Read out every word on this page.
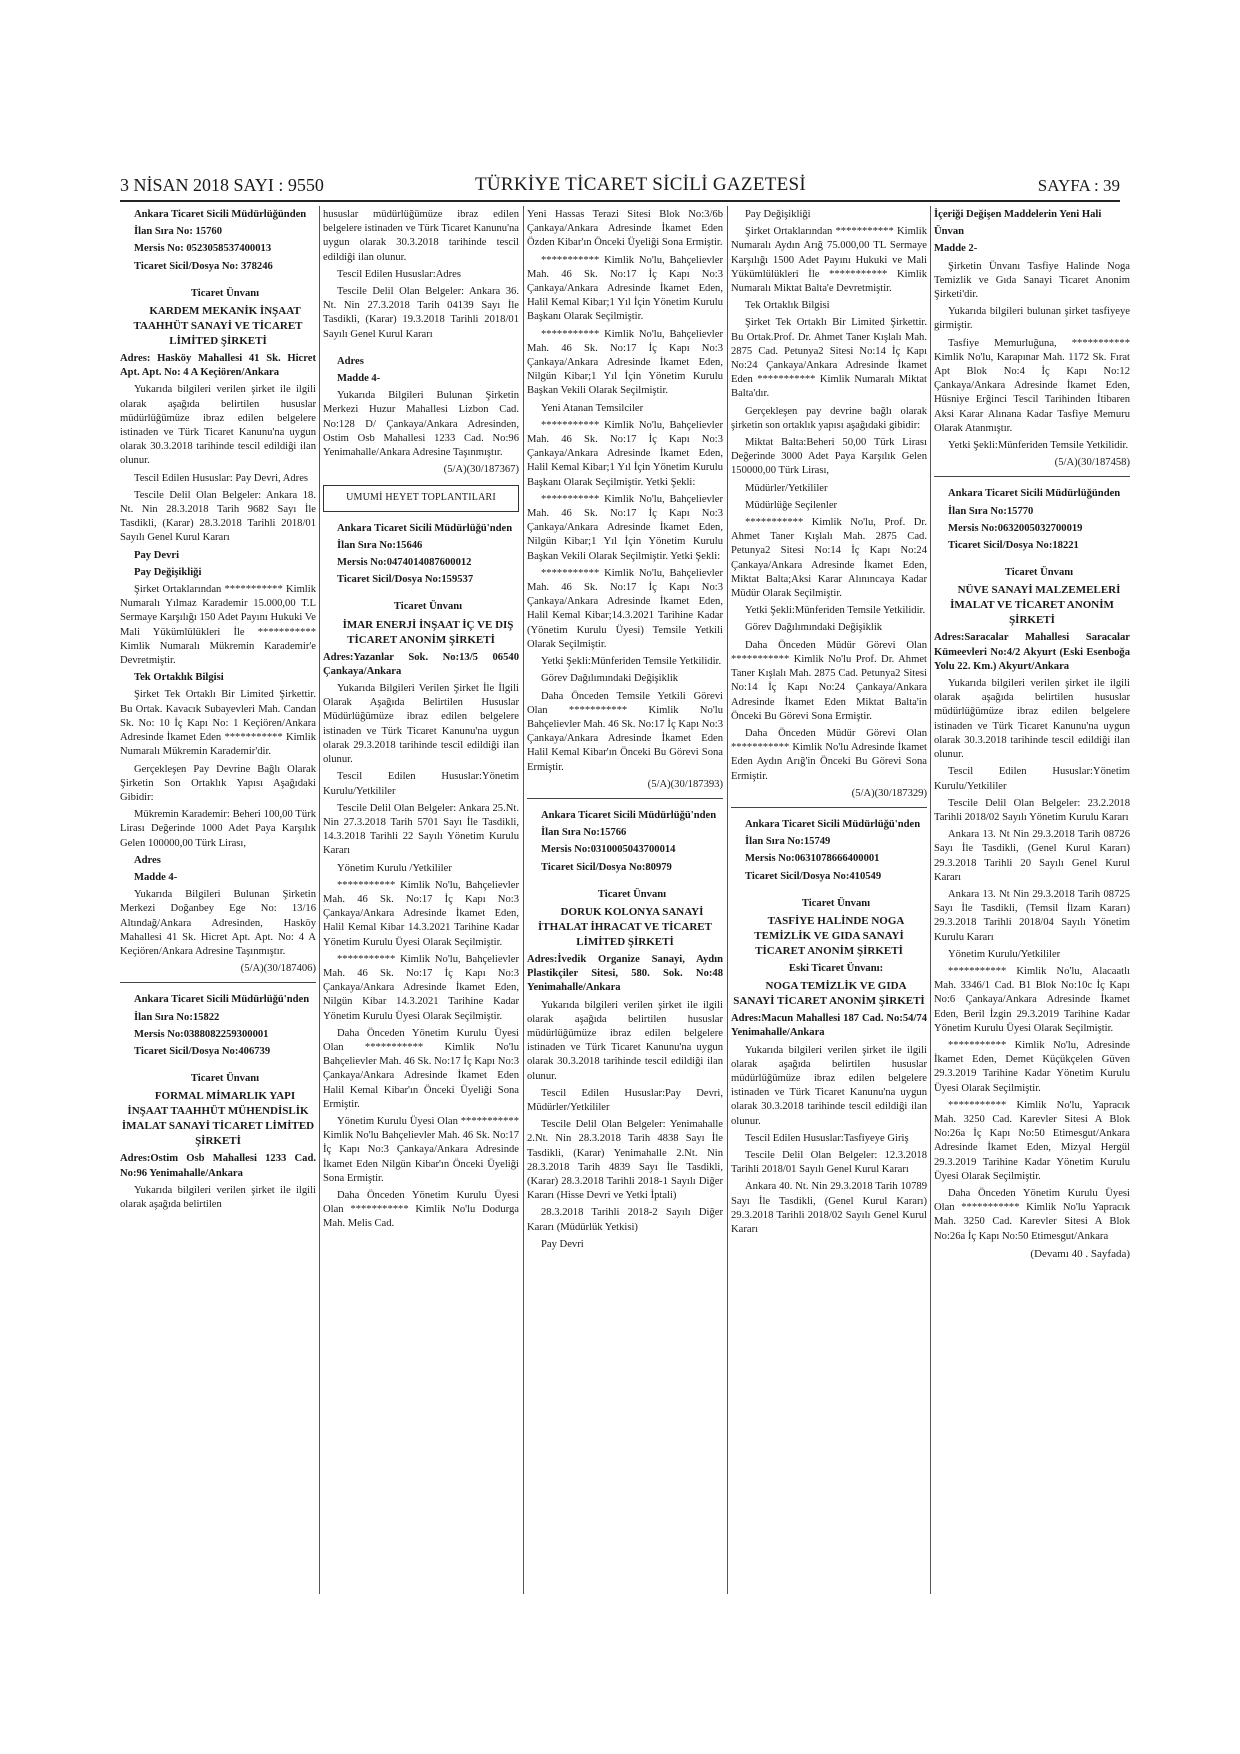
3 NİSAN 2018 SAYI : 9550	TÜRKİYE TİCARET SİCİLİ GAZETESİ	SAYFA : 39

Ankara Ticaret Sicili Müdürlüğünden

İlan Sıra No: 15760

Mersis No: 0523058537400013

Ticaret Sicil/Dosya No: 378246

Ticaret Ünvanı

KARDEM MEKANİK İNŞAAT TAAHHÜT SANAYİ VE TİCARET LİMİTED ŞİRKETİ

Adres: Hasköy Mahallesi 41 Sk. Hicret Apt. Apt. No: 4 A Keçiören/Ankara

Yukarıda bilgileri verilen şirket ile ilgili olarak aşağıda belirtilen hususlar müdürlüğümüze ibraz edilen belgelere istinaden ve Türk Ticaret Kanunu'na uygun olarak 30.3.2018 tarihinde tescil edildiği ilan olunur.

Tescil Edilen Hususlar: Pay Devri, Adres

Tescile Delil Olan Belgeler: Ankara 18. Nt. Nin 28.3.2018 Tarih 9682 Sayı İle Tasdikli, (Karar) 28.3.2018 Tarihli 2018/01 Sayılı Genel Kurul Kararı

Pay Devri

Pay Değişikliği

Şirket Ortaklarından *********** Kimlik Numaralı Yılmaz Karademir 15.000,00 T.L Sermaye Karşılığı 150 Adet Payını Hukuki Ve Mali Yükümlülükleri İle *********** Kimlik Numaralı Mükremin Karademir'e Devretmiştir.

Tek Ortaklık Bilgisi

Şirket Tek Ortaklı Bir Limited Şirkettir. Bu Ortak. Kavacık Subayevleri Mah. Candan Sk. No: 10 İç Kapı No: 1 Keçiören/Ankara Adresinde İkamet Eden *********** Kimlik Numaralı Mükremin Karademir'dir.

Gerçekleşen Pay Devrine Bağlı Olarak Şirketin Son Ortaklık Yapısı Aşağıdaki Gibidir:

Mükremin Karademir: Beheri 100,00 Türk Lirası Değerinde 1000 Adet Paya Karşılık Gelen 100000,00 Türk Lirası,

Adres

Madde 4-

Yukarıda Bilgileri Bulunan Şirketin Merkezi Doğanbey Ege No: 13/16 Altındağ/Ankara Adresinden, Hasköy Mahallesi 41 Sk. Hicret Apt. Apt. No: 4 A Keçiören/Ankara Adresine Taşınmıştır.

(5/A)(30/187406)

Ankara Ticaret Sicili Müdürlüğü'nden

İlan Sıra No:15822

Mersis No:0388082259300001

Ticaret Sicil/Dosya No:406739

Ticaret Ünvanı

FORMAL MİMARLIK YAPI İNŞAAT TAAHHÜT MÜHENDİSLİK İMALAT SANAYİ TİCARET LİMİTED ŞİRKETİ

Adres:Ostim Osb Mahallesi 1233 Cad. No:96 Yenimahalle/Ankara

Yukarıda bilgileri verilen şirket ile ilgili olarak aşağıda belirtilen

hususlar müdürlüğümüze ibraz edilen belgelere istinaden ve Türk Ticaret Kanunu'na uygun olarak 30.3.2018 tarihinde tescil edildiği ilan olunur.

Tescil Edilen Hususlar:Adres

Tescile Delil Olan Belgeler: Ankara 36. Nt. Nin 27.3.2018 Tarih 04139 Sayı İle Tasdikli, (Karar) 19.3.2018 Tarihli 2018/01 Sayılı Genel Kurul Kararı

Adres

Madde 4-

Yukarıda Bilgileri Bulunan Şirketin Merkezi Huzur Mahallesi Lizbon Cad. No:128 D/ Çankaya/Ankara Adresinden, Ostim Osb Mahallesi 1233 Cad. No:96 Yenimahalle/Ankara Adresine Taşınmıştır.

(5/A)(30/187367)

UMUMİ HEYET TOPLANTILARI

Ankara Ticaret Sicili Müdürlüğü'nden

İlan Sıra No:15646

Mersis No:0474014087600012

Ticaret Sicil/Dosya No:159537

Ticaret Ünvanı

İMAR ENERJİ İNŞAAT İÇ VE DIŞ TİCARET ANONİM ŞİRKETİ

Adres:Yazanlar Sok. No:13/5 06540 Çankaya/Ankara

Yukarıda Bilgileri Verilen Şirket İle İlgili Olarak Aşağıda Belirtilen Hususlar Müdürlüğümüze ibraz edilen belgelere istinaden ve Türk Ticaret Kanunu'na uygun olarak 29.3.2018 tarihinde tescil edildiği ilan olunur.

Tescil Edilen Hususlar:Yönetim Kurulu/Yetkililer

Tescile Delil Olan Belgeler: Ankara 25.Nt. Nin 27.3.2018 Tarih 5701 Sayı İle Tasdikli, 14.3.2018 Tarihli 22 Sayılı Yönetim Kurulu Kararı

Yönetim Kurulu /Yetkililer

*********** Kimlik No'lu, Bahçelievler Mah. 46 Sk. No:17 İç Kapı No:3 Çankaya/Ankara Adresinde İkamet Eden, Halil Kemal Kibar 14.3.2021 Tarihine Kadar Yönetim Kurulu Üyesi Olarak Seçilmiştir.

*********** Kimlik No'lu, Bahçelievler Mah. 46 Sk. No:17 İç Kapı No:3 Çankaya/Ankara Adresinde İkamet Eden, Nilgün Kibar 14.3.2021 Tarihine Kadar Yönetim Kurulu Üyesi Olarak Seçilmiştir.

Daha Önceden Yönetim Kurulu Üyesi Olan *********** Kimlik No'lu Bahçelievler Mah. 46 Sk. No:17 İç Kapı No:3 Çankaya/Ankara Adresinde İkamet Eden Halil Kemal Kibar'ın Önceki Üyeliği Sona Ermiştir.

Yönetim Kurulu Üyesi Olan *********** Kimlik No'lu Bahçelievler Mah. 46 Sk. No:17 İç Kapı No:3 Çankaya/Ankara Adresinde İkamet Eden Nilgün Kibar'ın Önceki Üyeliği Sona Ermiştir.

Daha Önceden Yönetim Kurulu Üyesi Olan *********** Kimlik No'lu Dodurga Mah. Melis Cad.

Yeni Hassas Terazi Sitesi Blok No:3/6b Çankaya/Ankara Adresinde İkamet Eden Özden Kibar'ın Önceki Üyeliği Sona Ermiştir.

*********** Kimlik No'lu, Bahçelievler Mah. 46 Sk. No:17 İç Kapı No:3 Çankaya/Ankara Adresinde İkamet Eden, Halil Kemal Kibar;1 Yıl İçin Yönetim Kurulu Başkanı Olarak Seçilmiştir.

*********** Kimlik No'lu, Bahçelievler Mah. 46 Sk. No:17 İç Kapı No:3 Çankaya/Ankara Adresinde İkamet Eden, Nilgün Kibar;1 Yıl İçin Yönetim Kurulu Başkan Vekili Olarak Seçilmiştir.

Yeni Atanan Temsilciler

*********** Kimlik No'lu, Bahçelievler Mah. 46 Sk. No:17 İç Kapı No:3 Çankaya/Ankara Adresinde İkamet Eden, Halil Kemal Kibar;1 Yıl İçin Yönetim Kurulu Başkanı Olarak Seçilmiştir. Yetki Şekli:

*********** Kimlik No'lu, Bahçelievler Mah. 46 Sk. No:17 İç Kapı No:3 Çankaya/Ankara Adresinde İkamet Eden, Nilgün Kibar;1 Yıl İçin Yönetim Kurulu Başkan Vekili Olarak Seçilmiştir. Yetki Şekli:

*********** Kimlik No'lu, Bahçelievler Mah. 46 Sk. No:17 İç Kapı No:3 Çankaya/Ankara Adresinde İkamet Eden, Halil Kemal Kibar;14.3.2021 Tarihine Kadar (Yönetim Kurulu Üyesi) Temsile Yetkili Olarak Seçilmiştir.

Yetki Şekli:Münferiden Temsile Yetkilidir.

Görev Dağılımındaki Değişiklik

Daha Önceden Temsile Yetkili Görevi Olan *********** Kimlik No'lu Bahçelievler Mah. 46 Sk. No:17 İç Kapı No:3 Çankaya/Ankara Adresinde İkamet Eden Halil Kemal Kibar'ın Önceki Bu Görevi Sona Ermiştir.

(5/A)(30/187393)

Ankara Ticaret Sicili Müdürlüğü'nden

İlan Sıra No:15766

Mersis No:0310005043700014

Ticaret Sicil/Dosya No:80979

Ticaret Ünvanı

DORUK KOLONYA SANAYİ İTHALAT İHRACAT VE TİCARET LİMİTED ŞİRKETİ

Adres:İvedik Organize Sanayi, Aydın Plastikçiler Sitesi, 580. Sok. No:48 Yenimahalle/Ankara

Yukarıda bilgileri verilen şirket ile ilgili olarak aşağıda belirtilen hususlar müdürlüğümüze ibraz edilen belgelere istinaden ve Türk Ticaret Kanunu'na uygun olarak 30.3.2018 tarihinde tescil edildiği ilan olunur.

Tescil Edilen Hususlar:Pay Devri, Müdürler/Yetkililer

Tescile Delil Olan Belgeler: Yenimahalle 2.Nt. Nin 28.3.2018 Tarih 4838 Sayı İle Tasdikli, (Karar) Yenimahalle 2.Nt. Nin 28.3.2018 Tarih 4839 Sayı İle Tasdikli, (Karar) 28.3.2018 Tarihli 2018-1 Sayılı Diğer Kararı (Hisse Devri ve Yetki İptali)

28.3.2018 Tarihli 2018-2 Sayılı Diğer Kararı (Müdürlük Yetkisi)

Pay Devri

Pay Değişikliği

Şirket Ortaklarından *********** Kimlik Numaralı Aydın Arığ 75.000,00 TL Sermaye Karşılığı 1500 Adet Payını Hukuki ve Mali Yükümlülükleri İle *********** Kimlik Numaralı Miktat Balta'e Devretmiştir.

Tek Ortaklık Bilgisi

Şirket Tek Ortaklı Bir Limited Şirkettir. Bu Ortak.Prof. Dr. Ahmet Taner Kışlalı Mah. 2875 Cad. Petunya2 Sitesi No:14 İç Kapı No:24 Çankaya/Ankara Adresinde İkamet Eden *********** Kimlik Numaralı Miktat Balta'dır.

Gerçekleşen pay devrine bağlı olarak şirketin son ortaklık yapısı aşağıdaki gibidir:

Miktat Balta:Beheri 50,00 Türk Lirası Değerinde 3000 Adet Paya Karşılık Gelen 150000,00 Türk Lirası,

Müdürler/Yetkililer

Müdürlüğe Seçilenler

*********** Kimlik No'lu, Prof. Dr. Ahmet Taner Kışlalı Mah. 2875 Cad. Petunya2 Sitesi No:14 İç Kapı No:24 Çankaya/Ankara Adresinde İkamet Eden, Miktat Balta;Aksi Karar Alınıncaya Kadar Müdür Olarak Seçilmiştir.

Yetki Şekli:Münferiden Temsile Yetkilidir.

Görev Dağılımındaki Değişiklik

Daha Önceden Müdür Görevi Olan *********** Kimlik No'lu Prof. Dr. Ahmet Taner Kışlalı Mah. 2875 Cad. Petunya2 Sitesi No:14 İç Kapı No:24 Çankaya/Ankara Adresinde İkamet Eden Miktat Balta'in Önceki Bu Görevi Sona Ermiştir.

Daha Önceden Müdür Görevi Olan *********** Kimlik No'lu Adresinde İkamet Eden Aydın Arığ'in Önceki Bu Görevi Sona Ermiştir.

(5/A)(30/187329)

Ankara Ticaret Sicili Müdürlüğü'nden

İlan Sıra No:15749

Mersis No:0631078666400001

Ticaret Sicil/Dosya No:410549

Ticaret Ünvanı

TASFİYE HALİNDE NOGA TEMİZLİK VE GIDA SANAYİ TİCARET ANONİM ŞİRKETİ

Eski Ticaret Ünvanı:

NOGA TEMİZLİK VE GIDA SANAYİ TİCARET ANONİM ŞİRKETİ

Adres:Macun Mahallesi 187 Cad. No:54/74 Yenimahalle/Ankara

Yukarıda bilgileri verilen şirket ile ilgili olarak aşağıda belirtilen hususlar müdürlüğümüze ibraz edilen belgelere istinaden ve Türk Ticaret Kanunu'na uygun olarak 30.3.2018 tarihinde tescil edildiği ilan olunur.

Tescil Edilen Hususlar:Tasfiyeye Giriş

Tescile Delil Olan Belgeler: 12.3.2018 Tarihli 2018/01 Sayılı Genel Kurul Kararı

Ankara 40. Nt. Nin 29.3.2018 Tarih 10789 Sayı İle Tasdikli, (Genel Kurul Kararı) 29.3.2018 Tarihli 2018/02 Sayılı Genel Kurul Kararı

İçeriği Değişen Maddelerin Yeni Hali

Ünvan

Madde 2-

Şirketin Ünvanı Tasfiye Halinde Noga Temizlik ve Gıda Sanayi Ticaret Anonim Şirketi'dir.

Yukarıda bilgileri bulunan şirket tasfiyeye girmiştir.

Tasfiye Memurluğuna, *********** Kimlik No'lu, Karapınar Mah. 1172 Sk. Fırat Apt Blok No:4 İç Kapı No:12 Çankaya/Ankara Adresinde İkamet Eden, Hüsniye Erğinci Tescil Tarihinden İtibaren Aksi Karar Alınana Kadar Tasfiye Memuru Olarak Atanmıştır.

Yetki Şekli:Münferiden Temsile Yetkilidir.

(5/A)(30/187458)

Ankara Ticaret Sicili Müdürlüğünden

İlan Sıra No:15770

Mersis No:0632005032700019

Ticaret Sicil/Dosya No:18221

Ticaret Ünvanı

NÜVE SANAYİ MALZEMELERİ İMALAT VE TİCARET ANONİM ŞİRKETİ

Adres:Saracalar Mahallesi Saracalar Kümeevleri No:4/2 Akyurt (Eski Esenboğa Yolu 22. Km.) Akyurt/Ankara

Yukarıda bilgileri verilen şirket ile ilgili olarak aşağıda belirtilen hususlar müdürlüğümüze ibraz edilen belgelere istinaden ve Türk Ticaret Kanunu'na uygun olarak 30.3.2018 tarihinde tescil edildiği ilan olunur.

Tescil Edilen Hususlar:Yönetim Kurulu/Yetkililer

Tescile Delil Olan Belgeler: 23.2.2018 Tarihli 2018/02 Sayılı Yönetim Kurulu Kararı

Ankara 13. Nt Nin 29.3.2018 Tarih 08726 Sayı İle Tasdikli, (Genel Kurul Kararı) 29.3.2018 Tarihli 20 Sayılı Genel Kurul Kararı

Ankara 13. Nt Nin 29.3.2018 Tarih 08725 Sayı İle Tasdikli, (Temsil İlzam Kararı) 29.3.2018 Tarihli 2018/04 Sayılı Yönetim Kurulu Kararı

Yönetim Kurulu/Yetkililer

*********** Kimlik No'lu, Alacaatlı Mah. 3346/1 Cad. B1 Blok No:10c İç Kapı No:6 Çankaya/Ankara Adresinde İkamet Eden, Beril İzgin 29.3.2019 Tarihine Kadar Yönetim Kurulu Üyesi Olarak Seçilmiştir.

*********** Kimlik No'lu, Adresinde İkamet Eden, Demet Küçükçelen Güven 29.3.2019 Tarihine Kadar Yönetim Kurulu Üyesi Olarak Seçilmiştir.

*********** Kimlik No'lu, Yapracık Mah. 3250 Cad. Karevler Sitesi A Blok No:26a İç Kapı No:50 Etimesgut/Ankara Adresinde İkamet Eden, Mizyal Hergül 29.3.2019 Tarihine Kadar Yönetim Kurulu Üyesi Olarak Seçilmiştir.

Daha Önceden Yönetim Kurulu Üyesi Olan *********** Kimlik No'lu Yapracık Mah. 3250 Cad. Karevler Sitesi A Blok No:26a İç Kapı No:50 Etimesgut/Ankara

(Devamı 40 . Sayfada)
